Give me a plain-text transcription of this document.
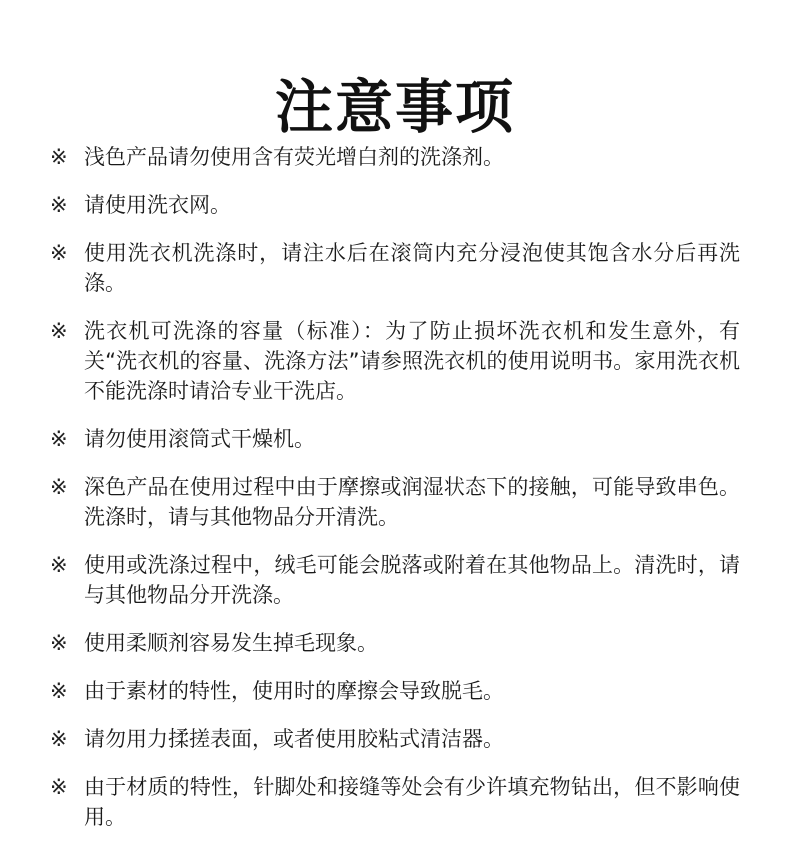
注意事项
※ 浅色产品请勿使用含有荧光增白剂的洗涤剂。
※ 请使用洗衣网。
※ 使用洗衣机洗涤时，请注水后在滚筒内充分浸泡使其饱含水分后再洗涤。
※ 洗衣机可洗涤的容量（标准）：为了防止损坏洗衣机和发生意外，有关“洗衣机的容量、洗涤方法”请参照洗衣机的使用说明书。家用洗衣机不能洗涤时请洽专业干洗店。
※ 请勿使用滚筒式干燥机。
※ 深色产品在使用过程中由于摩擦或润湿状态下的接触，可能导致串色。洗涤时，请与其他物品分开清洗。
※ 使用或洗涤过程中，绒毛可能会脱落或附着在其他物品上。清洗时，请与其他物品分开洗涤。
※ 使用柔顺剂容易发生掉毛现象。
※ 由于素材的特性，使用时的摩擦会导致脱毛。
※ 请勿用力揉搓表面，或者使用胶粘式清洁器。
※ 由于材质的特性，针脚处和接缝等处会有少许填充物钻出，但不影响使用。
